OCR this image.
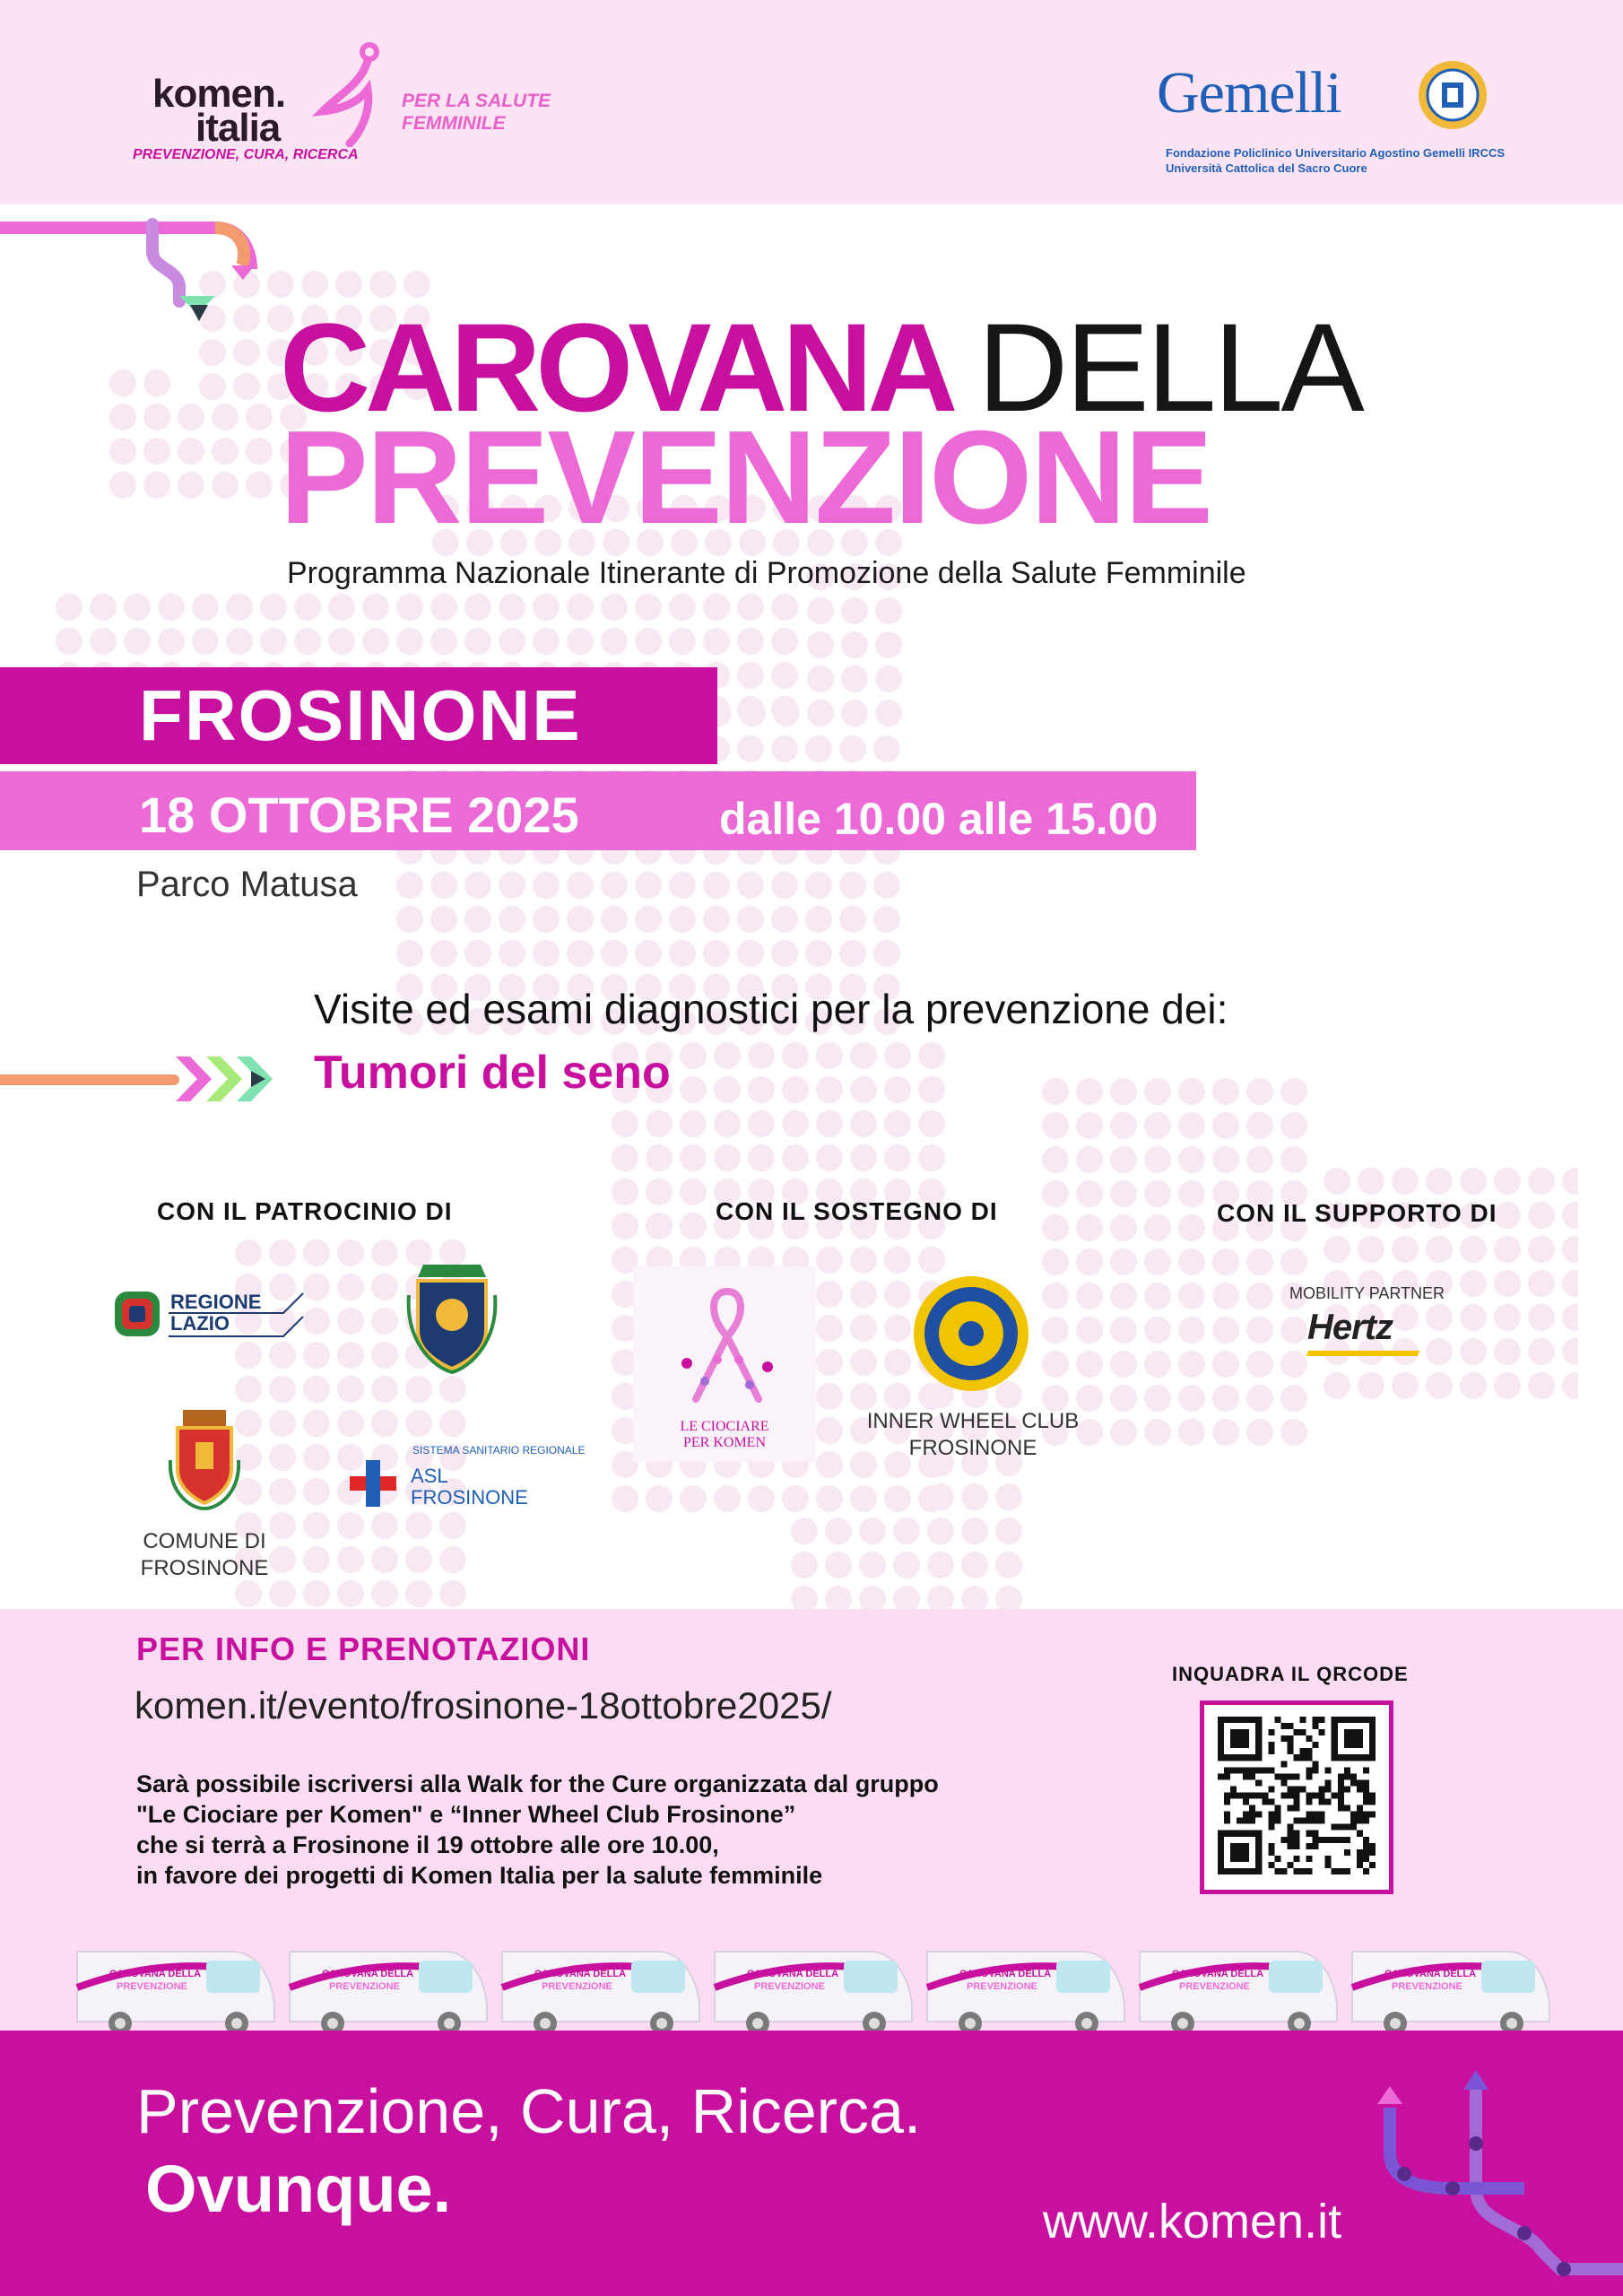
komen.
italia
PREVENZIONE, CURA, RICERCA
PER LA SALUTE
FEMMINILE	Gemelli
Fondazione Policlinico Universitario Agostino Gemelli IRCCS
Università Cattolica del Sacro Cuore
CAROVANA DELLA
PREVENZIONE
Programma Nazionale Itinerante di Promozione della Salute Femminile
FROSINONE
18 OTTOBRE 2025	dalle 10.00 alle 15.00
Parco Matusa
Visite ed esami diagnostici per la prevenzione dei:
Tumori del seno
CON IL PATROCINIO DI	CON IL SOSTEGNO DI	CON IL SUPPORTO DI
REGIONE
LAZIO
COMUNE DI
FROSINONE
SISTEMA SANITARIO REGIONALE
ASL
FROSINONE
LE CIOCIARE
PER KOMEN
INNER WHEEL CLUB
FROSINONE
MOBILITY PARTNER
Hertz
PER INFO E PRENOTAZIONI
komen.it/evento/frosinone-18ottobre2025/
Sarà possibile iscriversi alla Walk for the Cure organizzata dal gruppo
"Le Ciociare per Komen" e “Inner Wheel Club Frosinone”
che si terrà a Frosinone il 19 ottobre alle ore 10.00,
in favore dei progetti di Komen Italia per la salute femminile
INQUADRA IL QRCODE
CAROVANA DELLA
PREVENZIONE
CAROVANA DELLA
PREVENZIONE
CAROVANA DELLA
PREVENZIONE
CAROVANA DELLA
PREVENZIONE
CAROVANA DELLA
PREVENZIONE
CAROVANA DELLA
PREVENZIONE
CAROVANA DELLA
PREVENZIONE
Prevenzione, Cura, Ricerca.
Ovunque.	www.komen.it
